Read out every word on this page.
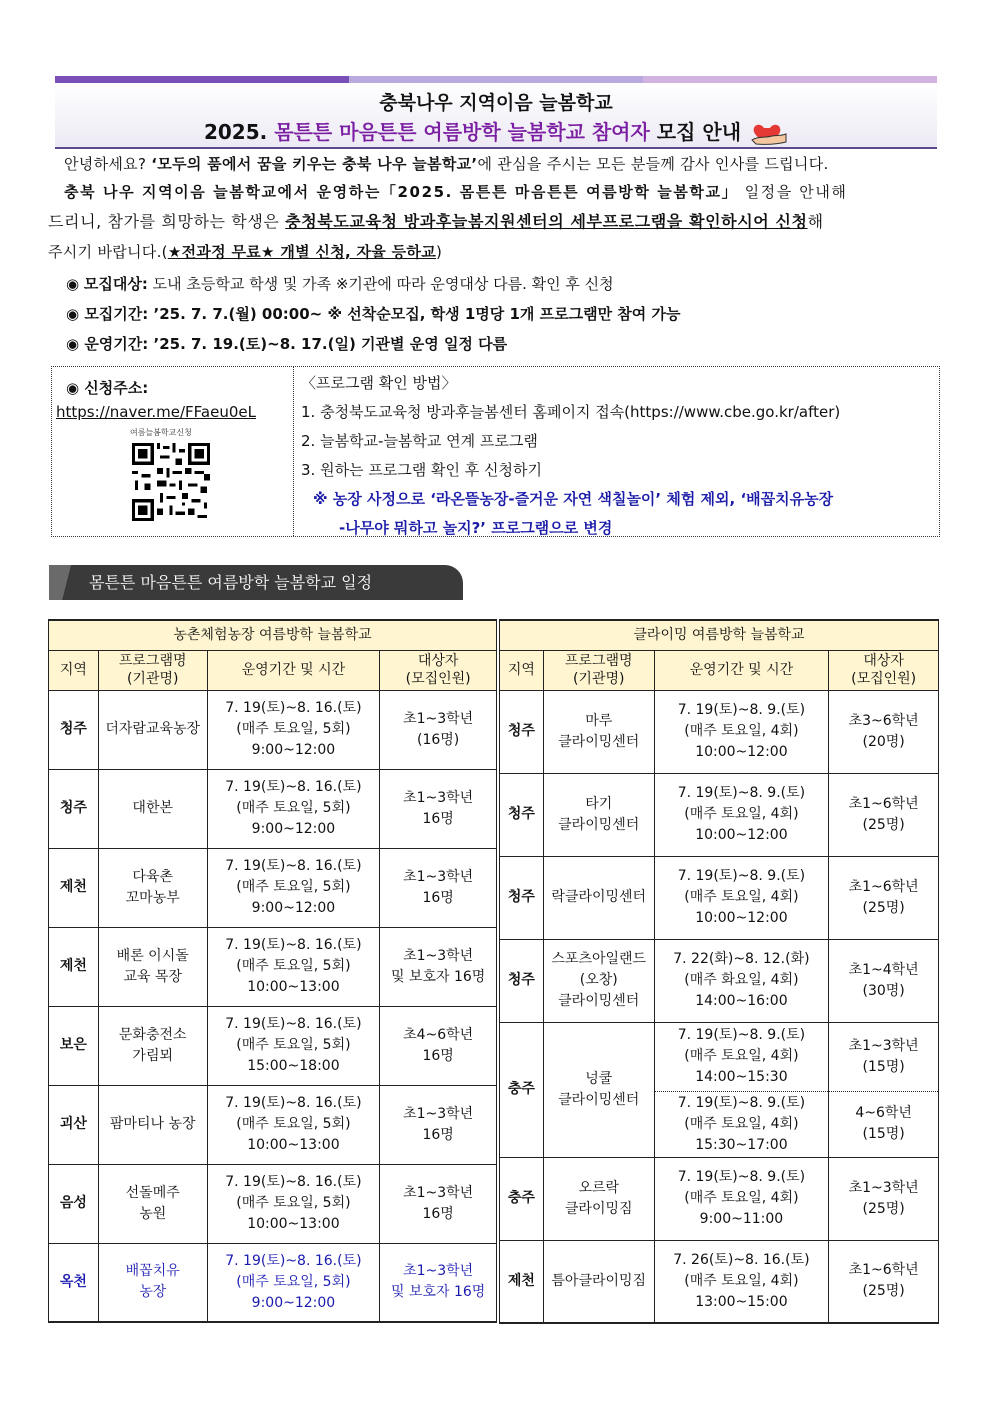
충북나우 지역이음 늘봄학교
2025. 몸튼튼 마음튼튼 여름방학 늘봄학교 참여자 모집 안내
안녕하세요? ‘모두의 품에서 꿈을 키우는 충북 나우 늘봄학교’에 관심을 주시는 모든 분들께 감사 인사를 드립니다.
충북 나우 지역이음 늘봄학교에서 운영하는「2025. 몸튼튼 마음튼튼 여름방학 늘봄학교」 일정을 안내해
드리니, 참가를 희망하는 학생은 충청북도교육청 방과후늘봄지원센터의 세부프로그램을 확인하시어 신청해
주시기 바랍니다.(★전과정 무료★ 개별 신청, 자율 등하교)
◉ 모집대상: 도내 초등학교 학생 및 가족 ※기관에 따라 운영대상 다름. 확인 후 신청
◉ 모집기간: ’25. 7. 7.(월) 00:00~ ※ 선착순모집, 학생 1명당 1개 프로그램만 참여 가능
◉ 운영기간: ’25. 7. 19.(토)~8. 17.(일) 기관별 운영 일정 다름
◉ 신청주소:
https://naver.me/FFaeu0eL
여름늘봄학교신청
〈프로그램 확인 방법〉
1. 충청북도교육청 방과후늘봄센터 홈페이지 접속(https://www.cbe.go.kr/after)
2. 늘봄학교-늘봄학교 연계 프로그램
3. 원하는 프로그램 확인 후 신청하기
※ 농장 사정으로 ‘라온뜰농장-즐거운 자연 색칠놀이’ 체험 제외, ‘배꼽치유농장
-나무야 뭐하고 놀지?’ 프로그램으로 변경
몸튼튼 마음튼튼 여름방학 늘봄학교 일정
농촌체험농장 여름방학 늘봄학교			
지역	프로그램명
(기관명)	운영기간 및 시간	대상자
(모집인원)
청주	더자람교육농장	7. 19(토)~8. 16.(토)
(매주 토요일, 5회)
9:00~12:00	초1~3학년
(16명)
청주	대한본	7. 19(토)~8. 16.(토)
(매주 토요일, 5회)
9:00~12:00	초1~3학년
16명
제천	다육촌
꼬마농부	7. 19(토)~8. 16.(토)
(매주 토요일, 5회)
9:00~12:00	초1~3학년
16명
제천	배론 이시돌
교육 목장	7. 19(토)~8. 16.(토)
(매주 토요일, 5회)
10:00~13:00	초1~3학년
및 보호자 16명
보은	문화충전소
가림뫼	7. 19(토)~8. 16.(토)
(매주 토요일, 5회)
15:00~18:00	초4~6학년
16명
괴산	팜마티나 농장	7. 19(토)~8. 16.(토)
(매주 토요일, 5회)
10:00~13:00	초1~3학년
16명
음성	선돌메주
농원	7. 19(토)~8. 16.(토)
(매주 토요일, 5회)
10:00~13:00	초1~3학년
16명
옥천	배꼽치유
농장	7. 19(토)~8. 16.(토)
(매주 토요일, 5회)
9:00~12:00	초1~3학년
및 보호자 16명
클라이밍 여름방학 늘봄학교			
지역	프로그램명
(기관명)	운영기간 및 시간	대상자
(모집인원)
청주	마루
클라이밍센터	7. 19(토)~8. 9.(토)
(매주 토요일, 4회)
10:00~12:00	초3~6학년
(20명)
청주	타기
클라이밍센터	7. 19(토)~8. 9.(토)
(매주 토요일, 4회)
10:00~12:00	초1~6학년
(25명)
청주	락클라이밍센터	7. 19(토)~8. 9.(토)
(매주 토요일, 4회)
10:00~12:00	초1~6학년
(25명)
청주	스포츠아일랜드
(오창)
클라이밍센터	7. 22(화)~8. 12.(화)
(매주 화요일, 4회)
14:00~16:00	초1~4학년
(30명)
충주	넝쿨
클라이밍센터	7. 19(토)~8. 9.(토)
(매주 토요일, 4회)
14:00~15:30	초1~3학년
(15명)
		7. 19(토)~8. 9.(토)
(매주 토요일, 4회)
15:30~17:00	4~6학년
(15명)
충주	오르락
클라이밍짐	7. 19(토)~8. 9.(토)
(매주 토요일, 4회)
9:00~11:00	초1~3학년
(25명)
제천	틈아클라이밍짐	7. 26(토)~8. 16.(토)
(매주 토요일, 4회)
13:00~15:00	초1~6학년
(25명)
